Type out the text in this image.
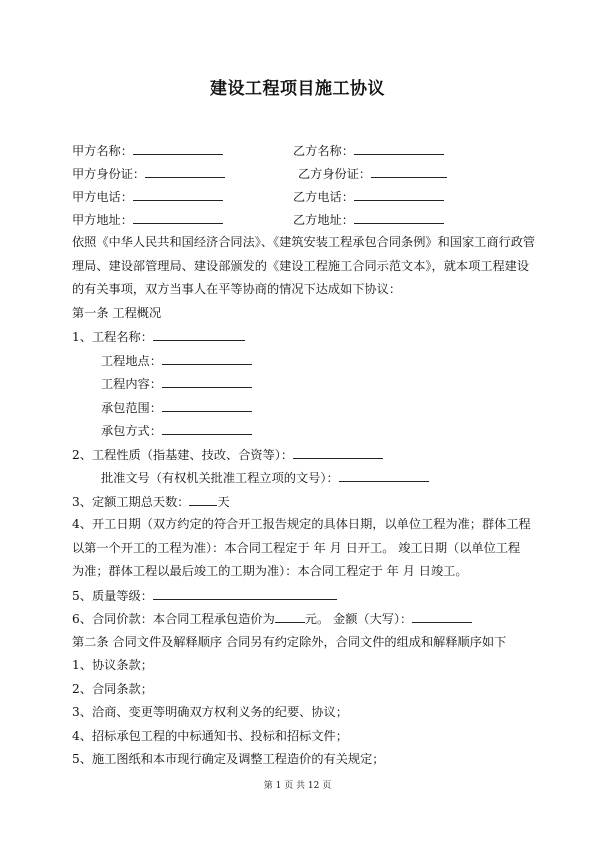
建设工程项目施工协议
甲方名称：	乙方名称：
甲方身份证：	乙方身份证：
甲方电话：	乙方电话：
甲方地址：	乙方地址：
依照《中华人民共和国经济合同法》、《建筑安装工程承包合同条例》和国家工商行政管
理局、建设部管理局、建设部颁发的《建设工程施工合同示范文本》，就本项工程建设
的有关事项，双方当事人在平等协商的情况下达成如下协议：
第一条 工程概况
1、工程名称：
工程地点：
工程内容：
承包范围：
承包方式：
2、工程性质（指基建、技改、合资等）：
批准文号（有权机关批准工程立项的文号）：
3、定额工期总天数： 天
4、开工日期（双方约定的符合开工报告规定的具体日期，以单位工程为准；群体工程
以第一个开工的工程为准）：本合同工程定于 年 月 日开工。 竣工日期（以单位工程
为准；群体工程以最后竣工的工期为准）：本合同工程定于 年 月 日竣工。
5、质量等级：
6、合同价款：本合同工程承包造价为 元。 金额（大写）：
第二条 合同文件及解释顺序 合同另有约定除外，合同文件的组成和解释顺序如下
1、协议条款；
2、合同条款；
3、洽商、变更等明确双方权利义务的纪要、协议；
4、招标承包工程的中标通知书、投标和招标文件；
5、施工图纸和本市现行确定及调整工程造价的有关规定；
第 1 页 共 12 页
